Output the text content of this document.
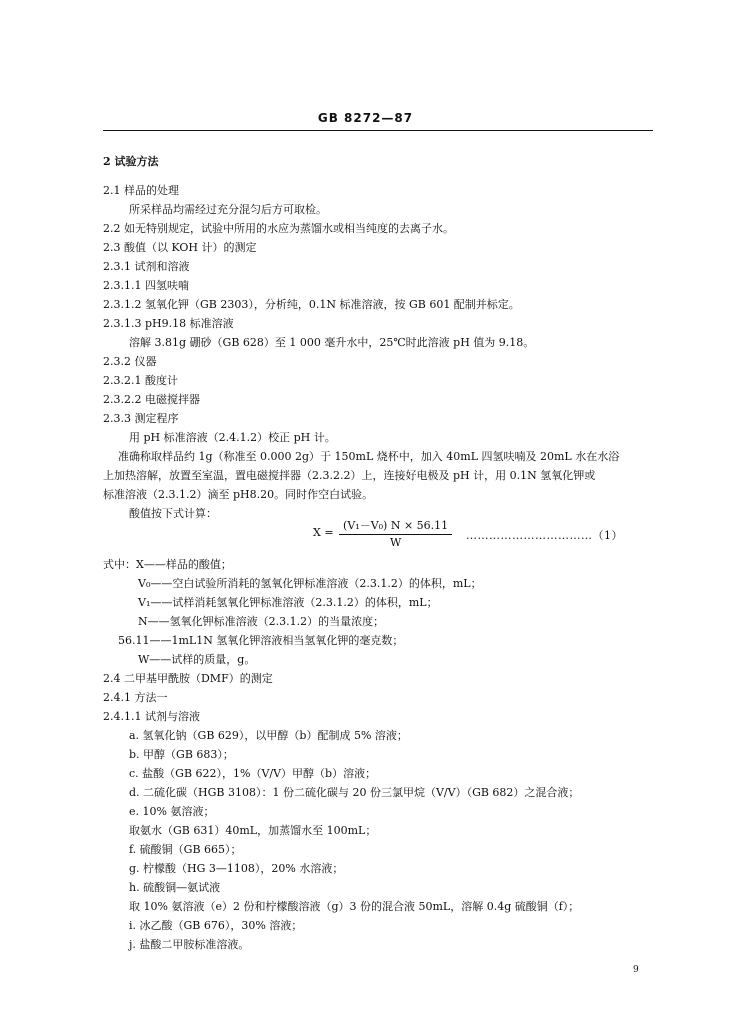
GB 8272—87
2 试验方法
2.1 样品的处理
所采样品均需经过充分混匀后方可取检。
2.2 如无特别规定，试验中所用的水应为蒸馏水或相当纯度的去离子水。
2.3 酸值（以 KOH 计）的测定
2.3.1 试剂和溶液
2.3.1.1 四氢呋喃
2.3.1.2 氢氧化钾（GB 2303），分析纯，0.1N 标准溶液，按 GB 601 配制并标定。
2.3.1.3 pH9.18 标准溶液
溶解 3.81g 硼砂（GB 628）至 1 000 毫升水中，25℃时此溶液 pH 值为 9.18。
2.3.2 仪器
2.3.2.1 酸度计
2.3.2.2 电磁搅拌器
2.3.3 测定程序
用 pH 标准溶液（2.4.1.2）校正 pH 计。
准确称取样品约 1g（称准至 0.000 2g）于 150mL 烧杯中，加入 40mL 四氢呋喃及 20mL 水在水浴
上加热溶解，放置至室温，置电磁搅拌器（2.3.2.2）上，连接好电极及 pH 计，用 0.1N 氢氧化钾或
标准溶液（2.3.1.2）滴至 pH8.20。同时作空白试验。
酸值按下式计算：
$X = \frac{\text{(V₁－V₀) N × 56.11}}{W}$ ……………………………（1）
式中：X——样品的酸值；
V₀——空白试验所消耗的氢氧化钾标准溶液（2.3.1.2）的体积，mL；
V₁——试样消耗氢氧化钾标准溶液（2.3.1.2）的体积，mL；
N——氢氧化钾标准溶液（2.3.1.2）的当量浓度；
56.11——1mL1N 氢氧化钾溶液相当氢氧化钾的毫克数；
W——试样的质量，g。
2.4 二甲基甲酰胺（DMF）的测定
2.4.1 方法一
2.4.1.1 试剂与溶液
a. 氢氧化钠（GB 629），以甲醇（b）配制成 5% 溶液；
b. 甲醇（GB 683）；
c. 盐酸（GB 622），1%（V/V）甲醇（b）溶液；
d. 二硫化碳（HGB 3108）：1 份二硫化碳与 20 份三氯甲烷（V/V）（GB 682）之混合液；
e. 10% 氨溶液；
取氨水（GB 631）40mL，加蒸馏水至 100mL；
f. 硫酸铜（GB 665）；
g. 柠檬酸（HG 3—1108），20% 水溶液；
h. 硫酸铜—氨试液
取 10% 氨溶液（e）2 份和柠檬酸溶液（g）3 份的混合液 50mL，溶解 0.4g 硫酸铜（f）；
i. 冰乙酸（GB 676），30% 溶液；
j. 盐酸二甲胺标准溶液。
9
